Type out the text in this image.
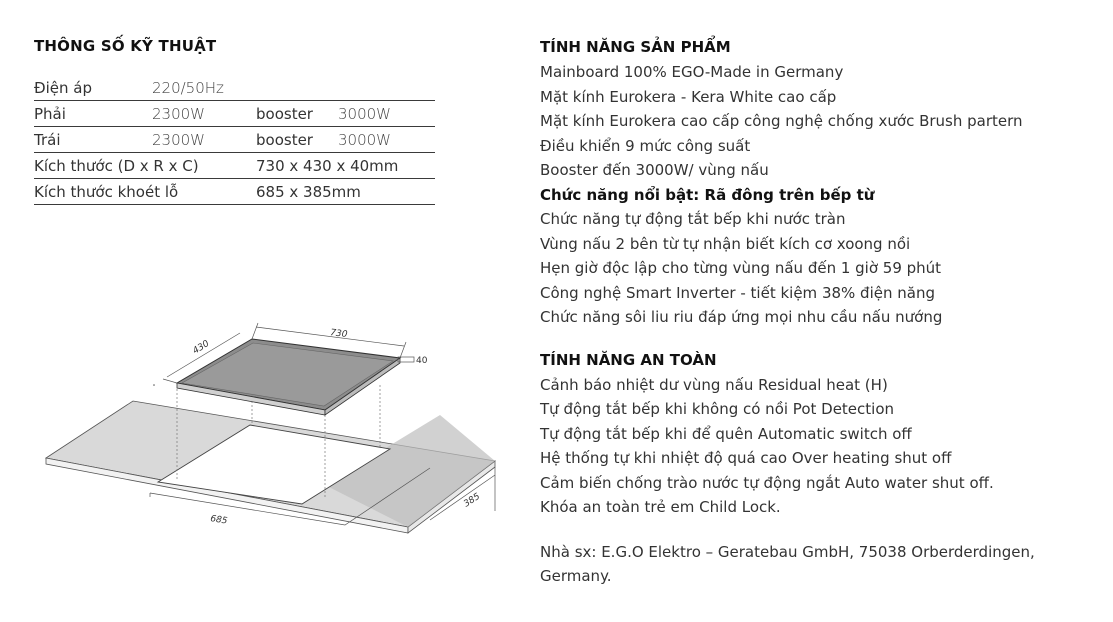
THÔNG SỐ KỸ THUẬT
Điện áp	220/50Hz		
Phải	2300W	booster	3000W
Trái	2300W	booster	3000W
Kích thước (D x R x C)		730 x 430 x 40mm	
Kích thước khoét lỗ		685 x 385mm	
730
430
40
685
385
TÍNH NĂNG SẢN PHẨM
Mainboard 100% EGO-Made in Germany
Mặt kính Eurokera - Kera White cao cấp
Mặt kính Eurokera cao cấp công nghệ chống xước Brush partern
Điều khiển 9 mức công suất
Booster đến 3000W/ vùng nấu
Chức năng nổi bật: Rã đông trên bếp từ
Chức năng tự động tắt bếp khi nước tràn
Vùng nấu 2 bên từ tự nhận biết kích cơ xoong nồi
Hẹn giờ độc lập cho từng vùng nấu đến 1 giờ 59 phút
Công nghệ Smart Inverter - tiết kiệm 38% điện năng
Chức năng sôi liu riu đáp ứng mọi nhu cầu nấu nướng
TÍNH NĂNG AN TOÀN
Cảnh báo nhiệt dư vùng nấu Residual heat (H)
Tự động tắt bếp khi không có nồi Pot Detection
Tự động tắt bếp khi để quên Automatic switch off
Hệ thống tự khi nhiệt độ quá cao Over heating shut off
Cảm biến chống trào nước tự động ngắt Auto water shut off.
Khóa an toàn trẻ em Child Lock.
Nhà sx: E.G.O Elektro – Geratebau GmbH, 75038 Orberderdingen, Germany.
